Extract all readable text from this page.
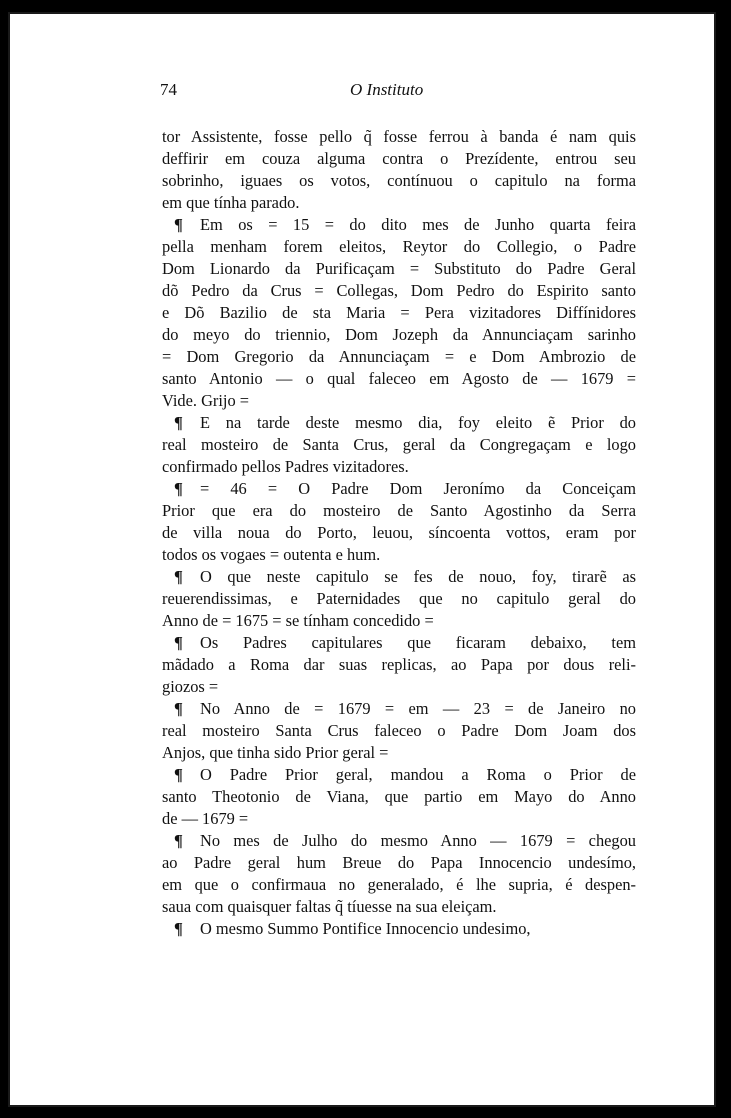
74	O Instituto
tor Assistente, fosse pello q̃ fosse ferrou à banda é nam quis
deffirir em couza alguma contra o Prezídente, entrou seu
sobrinho, iguaes os votos, contínuou o capitulo na forma
em que tínha parado.
¶ Em os = 15 = do dito mes de Junho quarta feira
pella menham forem eleitos, Reytor do Collegio, o Padre
Dom Lionardo da Purificaçam = Substituto do Padre Geral
dõ Pedro da Crus = Collegas, Dom Pedro do Espirito santo
e Dõ Bazilio de sta Maria = Pera vizitadores Diffínidores
do meyo do triennio, Dom Jozeph da Annunciaçam sarinho
= Dom Gregorio da Annunciaçam = e Dom Ambrozio de
santo Antonio — o qual faleceo em Agosto de — 1679 =
Vide. Grijo =
¶ E na tarde deste mesmo dia, foy eleito ẽ Prior do
real mosteiro de Santa Crus, geral da Congregaçam e logo
confirmado pellos Padres vizitadores.
¶ = 46 = O Padre Dom Jeronímo da Conceiçam
Prior que era do mosteiro de Santo Agostinho da Serra
de villa noua do Porto, leuou, síncoenta vottos, eram por
todos os vogaes = outenta e hum.
¶ O que neste capitulo se fes de nouo, foy, tirarẽ as
reuerendissimas, e Paternidades que no capitulo geral do
Anno de = 1675 = se tínham concedido =
¶ Os Padres capitulares que ficaram debaixo, tem
mãdado a Roma dar suas replicas, ao Papa por dous reli-
giozos =
¶ No Anno de = 1679 = em — 23 = de Janeiro no
real mosteiro Santa Crus faleceo o Padre Dom Joam dos
Anjos, que tinha sido Prior geral =
¶ O Padre Prior geral, mandou a Roma o Prior de
santo Theotonio de Viana, que partio em Mayo do Anno
de — 1679 =
¶ No mes de Julho do mesmo Anno — 1679 = chegou
ao Padre geral hum Breue do Papa Innocencio undesímo,
em que o confirmaua no generalado, é lhe supria, é despen-
saua com quaisquer faltas q̃ tíuesse na sua eleiçam.
¶ O mesmo Summo Pontifice Innocencio undesimo,
